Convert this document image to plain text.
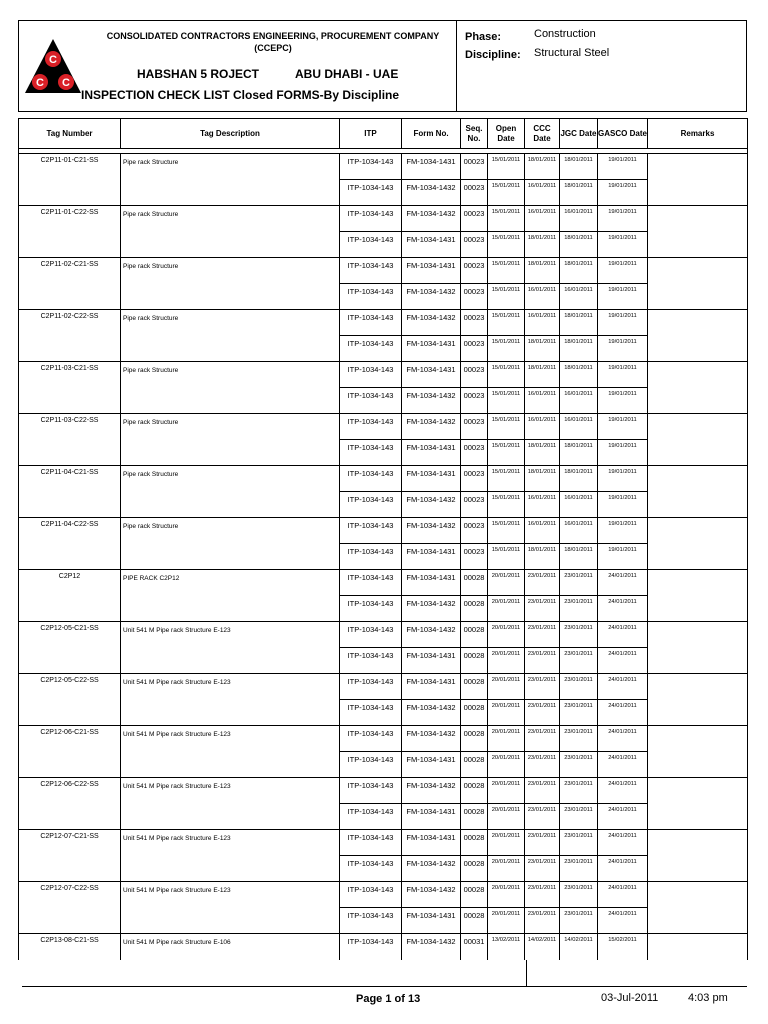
C
C C
CONSOLIDATED CONTRACTORS ENGINEERING, PROCUREMENT COMPANY (CCEPC)
HABSHAN 5 ROJECT	ABU DHABI - UAE
INSPECTION CHECK LIST Closed FORMS-By Discipline
Phase:	Construction
Discipline: Structural Steel
Tag Number	Tag Description	ITP	Form No.	Seq. No.	Open Date	CCC Date	JGC Date	GASCO Date	Remarks

C2P11-01-C21-SS	Pipe rack Structure	ITP-1034-143	FM-1034-1431	00023	15/01/2011	18/01/2011	18/01/2011	19/01/2011	
		ITP-1034-143	FM-1034-1432	00023	15/01/2011	16/01/2011	18/01/2011	19/01/2011	
C2P11-01-C22-SS	Pipe rack Structure	ITP-1034-143	FM-1034-1432	00023	15/01/2011	16/01/2011	16/01/2011	19/01/2011	
		ITP-1034-143	FM-1034-1431	00023	15/01/2011	18/01/2011	18/01/2011	19/01/2011	
C2P11-02-C21-SS	Pipe rack Structure	ITP-1034-143	FM-1034-1431	00023	15/01/2011	18/01/2011	18/01/2011	19/01/2011	
		ITP-1034-143	FM-1034-1432	00023	15/01/2011	16/01/2011	16/01/2011	19/01/2011	
C2P11-02-C22-SS	Pipe rack Structure	ITP-1034-143	FM-1034-1432	00023	15/01/2011	16/01/2011	18/01/2011	19/01/2011	
		ITP-1034-143	FM-1034-1431	00023	15/01/2011	18/01/2011	18/01/2011	19/01/2011	
C2P11-03-C21-SS	Pipe rack Structure	ITP-1034-143	FM-1034-1431	00023	15/01/2011	18/01/2011	18/01/2011	19/01/2011	
		ITP-1034-143	FM-1034-1432	00023	15/01/2011	16/01/2011	16/01/2011	19/01/2011	
C2P11-03-C22-SS	Pipe rack Structure	ITP-1034-143	FM-1034-1432	00023	15/01/2011	16/01/2011	16/01/2011	19/01/2011	
		ITP-1034-143	FM-1034-1431	00023	15/01/2011	18/01/2011	18/01/2011	19/01/2011	
C2P11-04-C21-SS	Pipe rack Structure	ITP-1034-143	FM-1034-1431	00023	15/01/2011	18/01/2011	18/01/2011	19/01/2011	
		ITP-1034-143	FM-1034-1432	00023	15/01/2011	16/01/2011	16/01/2011	19/01/2011	
C2P11-04-C22-SS	Pipe rack Structure	ITP-1034-143	FM-1034-1432	00023	15/01/2011	16/01/2011	16/01/2011	19/01/2011	
		ITP-1034-143	FM-1034-1431	00023	15/01/2011	18/01/2011	18/01/2011	19/01/2011	
C2P12	PIPE RACK C2P12	ITP-1034-143	FM-1034-1431	00028	20/01/2011	23/01/2011	23/01/2011	24/01/2011	
		ITP-1034-143	FM-1034-1432	00028	20/01/2011	23/01/2011	23/01/2011	24/01/2011	
C2P12-05-C21-SS	Unit 541 M Pipe rack Structure E-123	ITP-1034-143	FM-1034-1432	00028	20/01/2011	23/01/2011	23/01/2011	24/01/2011	
		ITP-1034-143	FM-1034-1431	00028	20/01/2011	23/01/2011	23/01/2011	24/01/2011	
C2P12-05-C22-SS	Unit 541 M Pipe rack Structure E-123	ITP-1034-143	FM-1034-1431	00028	20/01/2011	23/01/2011	23/01/2011	24/01/2011	
		ITP-1034-143	FM-1034-1432	00028	20/01/2011	23/01/2011	23/01/2011	24/01/2011	
C2P12-06-C21-SS	Unit 541 M Pipe rack Structure E-123	ITP-1034-143	FM-1034-1432	00028	20/01/2011	23/01/2011	23/01/2011	24/01/2011	
		ITP-1034-143	FM-1034-1431	00028	20/01/2011	23/01/2011	23/01/2011	24/01/2011	
C2P12-06-C22-SS	Unit 541 M Pipe rack Structure E-123	ITP-1034-143	FM-1034-1432	00028	20/01/2011	23/01/2011	23/01/2011	24/01/2011	
		ITP-1034-143	FM-1034-1431	00028	20/01/2011	23/01/2011	23/01/2011	24/01/2011	
C2P12-07-C21-SS	Unit 541 M Pipe rack Structure E-123	ITP-1034-143	FM-1034-1431	00028	20/01/2011	23/01/2011	23/01/2011	24/01/2011	
		ITP-1034-143	FM-1034-1432	00028	20/01/2011	23/01/2011	23/01/2011	24/01/2011	
C2P12-07-C22-SS	Unit 541 M Pipe rack Structure E-123	ITP-1034-143	FM-1034-1432	00028	20/01/2011	23/01/2011	23/01/2011	24/01/2011	
		ITP-1034-143	FM-1034-1431	00028	20/01/2011	23/01/2011	23/01/2011	24/01/2011	
C2P13-08-C21-SS	Unit 541 M Pipe rack Structure E-106	ITP-1034-143	FM-1034-1432	00031	13/02/2011	14/02/2011	14/02/2011	15/02/2011	
Page 1 of 13	03-Jul-2011	4:03 pm
